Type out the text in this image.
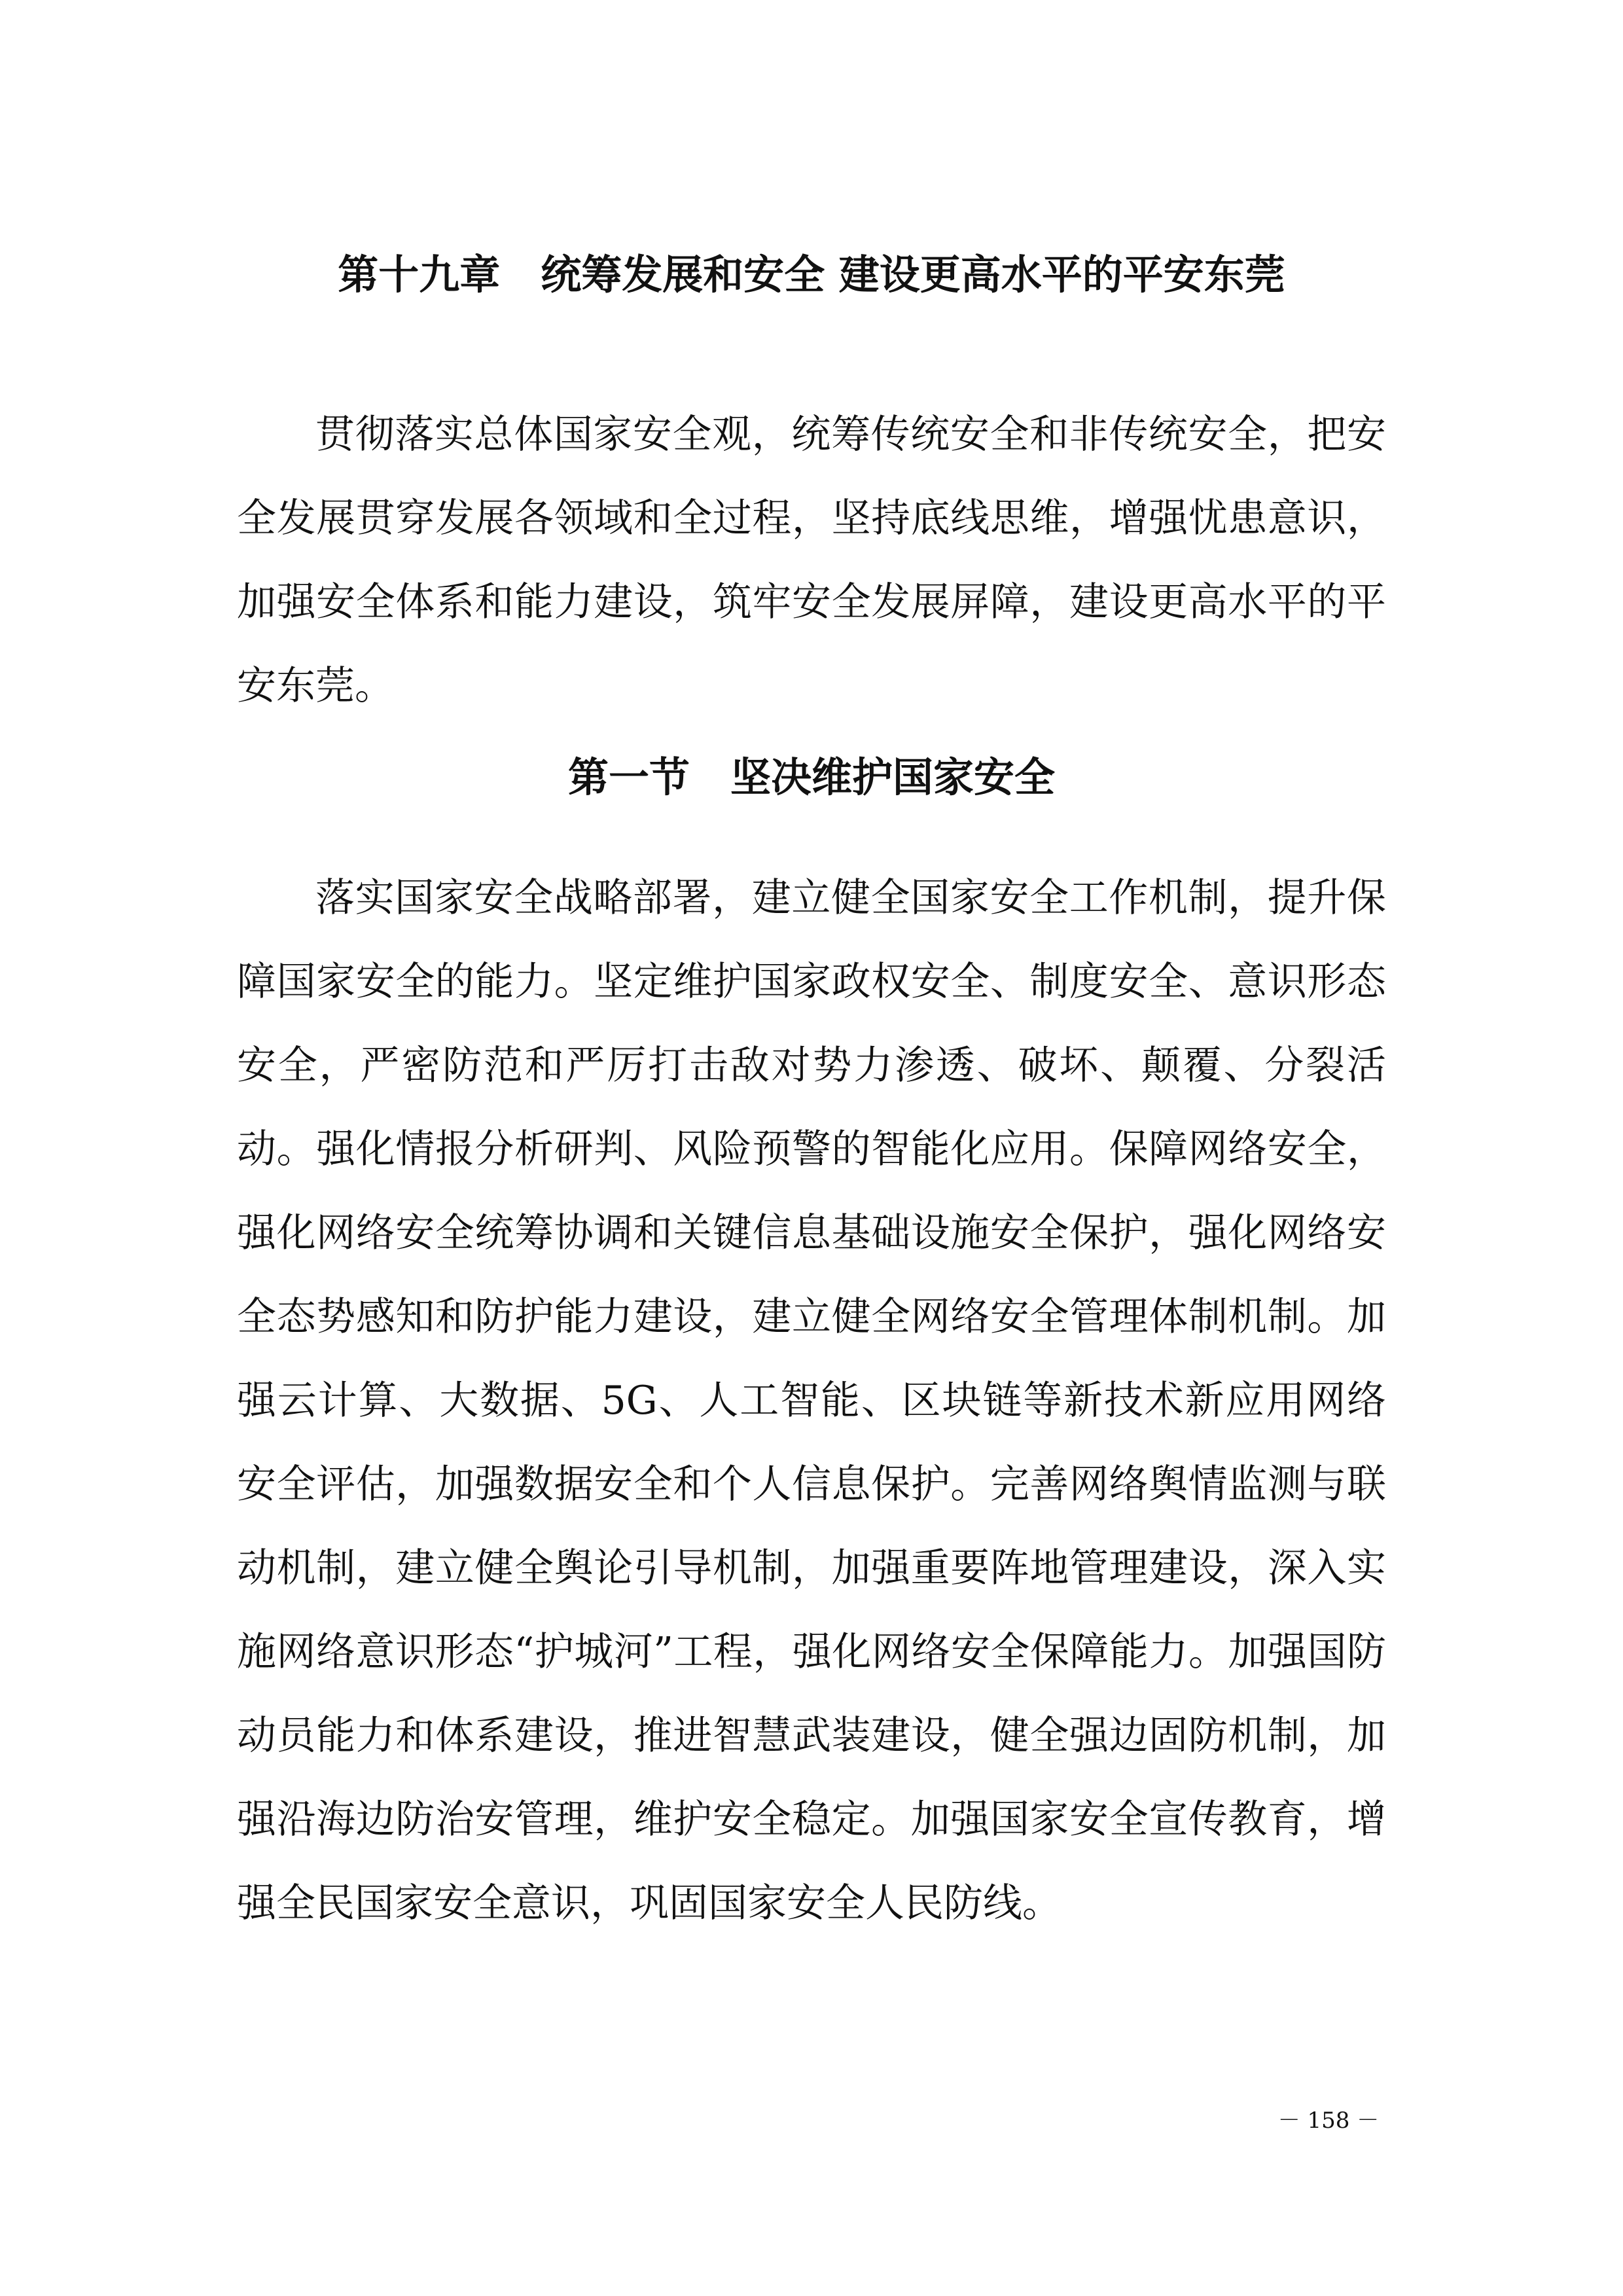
第十九章　统筹发展和安全 建设更高水平的平安东莞

贯彻落实总体国家安全观，统筹传统安全和非传统安全，把安全发展贯穿发展各领域和全过程，坚持底线思维，增强忧患意识，加强安全体系和能力建设，筑牢安全发展屏障，建设更高水平的平安东莞。

第一节　坚决维护国家安全

落实国家安全战略部署，建立健全国家安全工作机制，提升保障国家安全的能力。坚定维护国家政权安全、制度安全、意识形态安全，严密防范和严厉打击敌对势力渗透、破坏、颠覆、分裂活动。强化情报分析研判、风险预警的智能化应用。保障网络安全，强化网络安全统筹协调和关键信息基础设施安全保护，强化网络安全态势感知和防护能力建设，建立健全网络安全管理体制机制。加强云计算、大数据、5G、人工智能、区块链等新技术新应用网络安全评估，加强数据安全和个人信息保护。完善网络舆情监测与联动机制，建立健全舆论引导机制，加强重要阵地管理建设，深入实施网络意识形态“护城河”工程，强化网络安全保障能力。加强国防动员能力和体系建设，推进智慧武装建设，健全强边固防机制，加强沿海边防治安管理，维护安全稳定。加强国家安全宣传教育，增强全民国家安全意识，巩固国家安全人民防线。

－ 158 －
